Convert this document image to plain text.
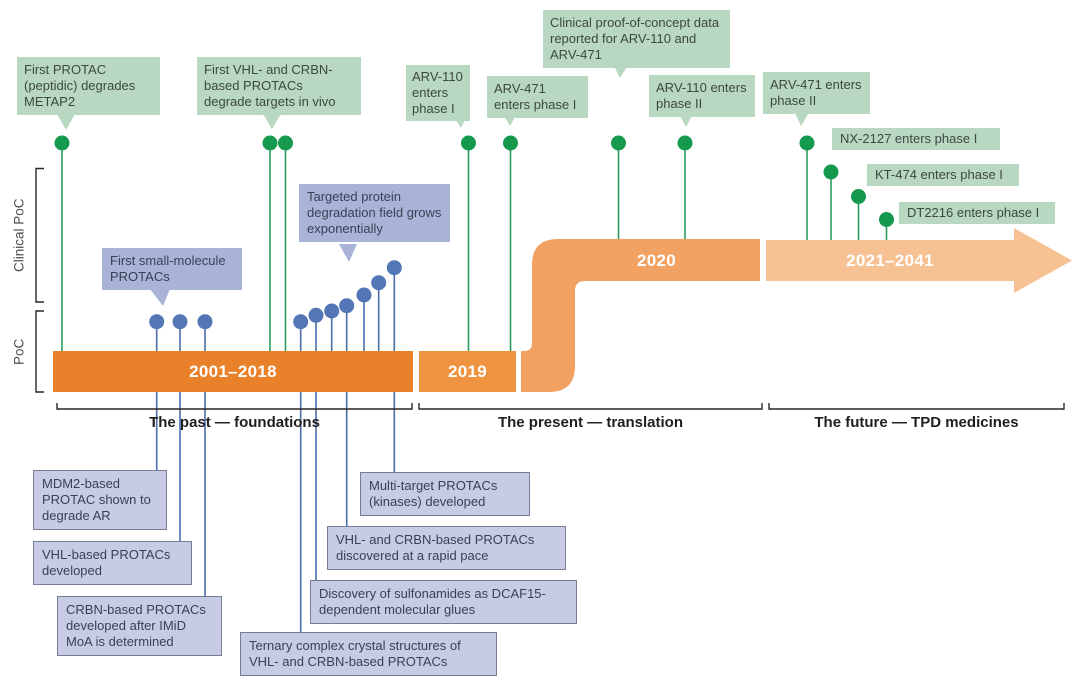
Clinical PoC
PoC
2001–2018	2019
2020	2021–2041
The past — foundations	The present — translation	The future — TPD medicines
First PROTAC (peptidic) degrades METAP2
First VHL- and CRBN-based PROTACs degrade targets in vivo
ARV-110 enters phase I
ARV-471 enters phase I
Clinical proof-of-concept data reported for ARV-110 and ARV-471
ARV-110 enters phase II
ARV-471 enters phase II
NX-2127 enters phase I
KT-474 enters phase I
DT2216 enters phase I
First small-molecule PROTACs
Targeted protein degradation field grows exponentially
MDM2-based PROTAC shown to degrade AR
VHL-based PROTACs developed
CRBN-based PROTACs developed after IMiD MoA is determined	Ternary complex crystal structures of VHL- and CRBN-based PROTACs
Discovery of sulfonamides as DCAF15-dependent molecular glues
VHL- and CRBN-based PROTACs discovered at a rapid pace
Multi-target PROTACs (kinases) developed
